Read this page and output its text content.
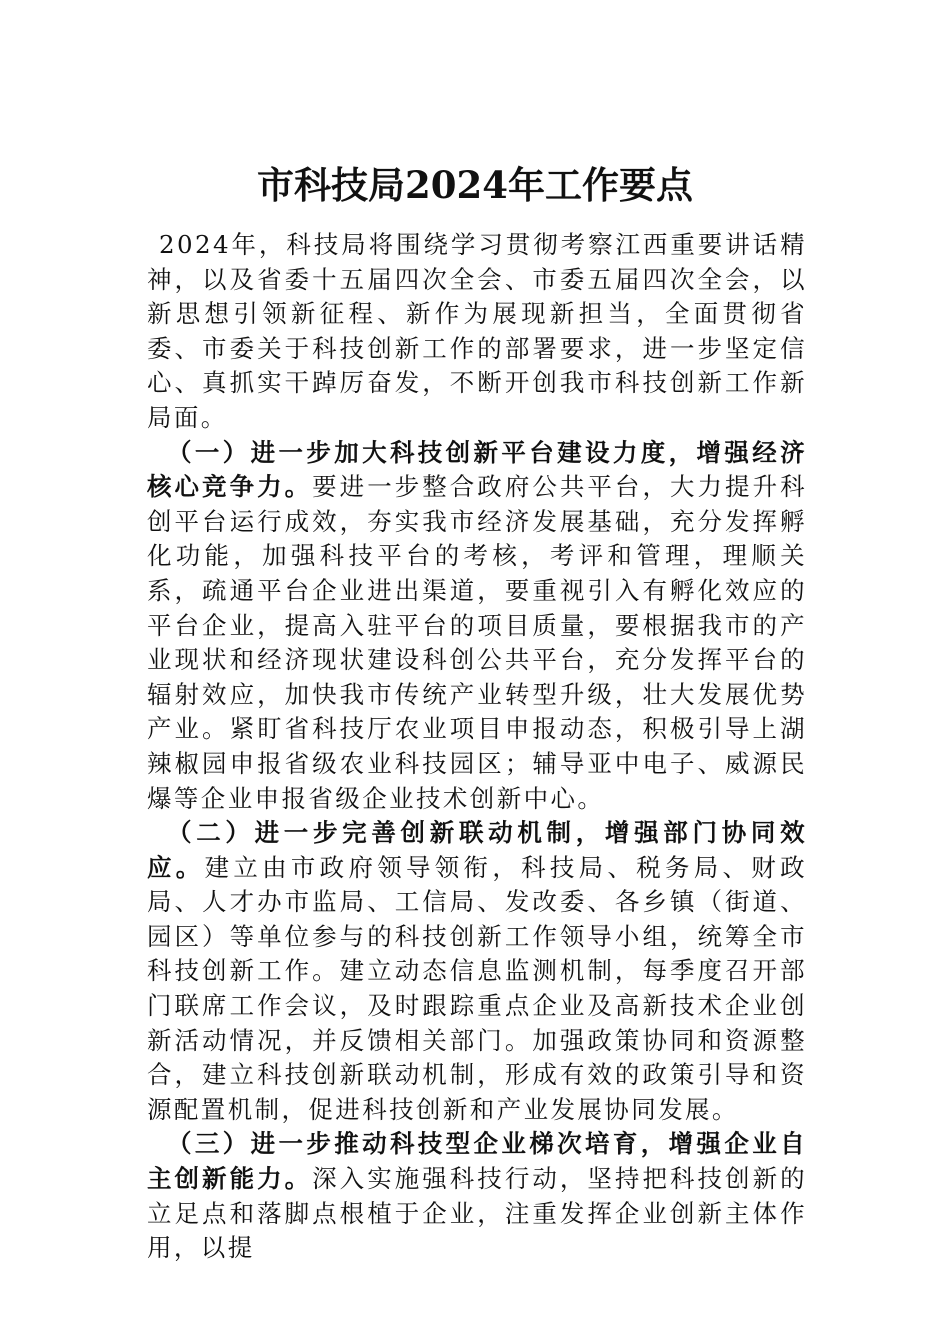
市科技局2024年工作要点

2024年，科技局将围绕学习贯彻考察江西重要讲话精神，以及省委十五届四次全会、市委五届四次全会，以新思想引领新征程、新作为展现新担当，全面贯彻省委、市委关于科技创新工作的部署要求，进一步坚定信心、真抓实干踔厉奋发，不断开创我市科技创新工作新局面。

（一）进一步加大科技创新平台建设力度，增强经济核心竞争力。要进一步整合政府公共平台，大力提升科创平台运行成效，夯实我市经济发展基础，充分发挥孵化功能，加强科技平台的考核，考评和管理，理顺关系，疏通平台企业进出渠道，要重视引入有孵化效应的平台企业，提高入驻平台的项目质量，要根据我市的产业现状和经济现状建设科创公共平台，充分发挥平台的辐射效应，加快我市传统产业转型升级，壮大发展优势产业。紧盯省科技厅农业项目申报动态，积极引导上湖辣椒园申报省级农业科技园区；辅导亚中电子、威源民爆等企业申报省级企业技术创新中心。

（二）进一步完善创新联动机制，增强部门协同效应。建立由市政府领导领衔，科技局、税务局、财政局、人才办市监局、工信局、发改委、各乡镇（街道、园区）等单位参与的科技创新工作领导小组，统筹全市科技创新工作。建立动态信息监测机制，每季度召开部门联席工作会议，及时跟踪重点企业及高新技术企业创新活动情况，并反馈相关部门。加强政策协同和资源整合，建立科技创新联动机制，形成有效的政策引导和资源配置机制，促进科技创新和产业发展协同发展。

（三）进一步推动科技型企业梯次培育，增强企业自主创新能力。深入实施强科技行动，坚持把科技创新的立足点和落脚点根植于企业，注重发挥企业创新主体作用，以提
